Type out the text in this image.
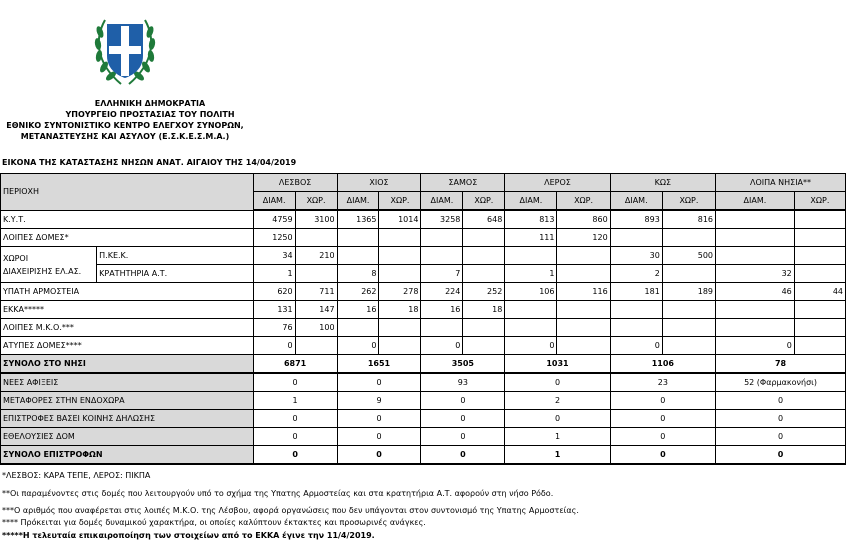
ΕΛΛΗΝΙΚΗ ΔΗΜΟΚΡΑΤΙΑ
ΥΠΟΥΡΓΕΙΟ ΠΡΟΣΤΑΣΙΑΣ ΤΟΥ ΠΟΛΙΤΗ
ΕΘΝΙΚΟ ΣΥΝΤΟΝΙΣΤΙΚΟ ΚΕΝΤΡΟ ΕΛΕΓΧΟΥ ΣΥΝΟΡΩΝ,
ΜΕΤΑΝΑΣΤΕΥΣΗΣ ΚΑΙ ΑΣΥΛΟΥ (Ε.Σ.Κ.Ε.Σ.Μ.Α.)
ΕΙΚΟΝΑ ΤΗΣ ΚΑΤΑΣΤΑΣΗΣ ΝΗΣΩΝ ΑΝΑΤ. ΑΙΓΑΙΟΥ ΤΗΣ 14/04/2019
ΠΕΡΙΟΧΗ		ΛΕΣΒΟΣ		ΧΙΟΣ		ΣΑΜΟΣ		ΛΕΡΟΣ		ΚΩΣ		ΛΟΙΠΑ ΝΗΣΙΑ**	
		ΔΙΑΜ.	ΧΩΡ.	ΔΙΑΜ.	ΧΩΡ.	ΔΙΑΜ.	ΧΩΡ.	ΔΙΑΜ.	ΧΩΡ.	ΔΙΑΜ.	ΧΩΡ.	ΔΙΑΜ.	ΧΩΡ.
Κ.Υ.Τ.		4759	3100	1365	1014	3258	648	813	860	893	816		
ΛΟΙΠΕΣ ΔΟΜΕΣ*		1250						111	120				
ΧΩΡΟΙ
ΔΙΑΧΕΙΡΙΣΗΣ ΕΛ.ΑΣ.	Π.ΚΕ.Κ.	34	210							30	500		
	ΚΡΑΤΗΤΗΡΙΑ Α.Τ.	1		8		7		1		2		32	
ΥΠΑΤΗ ΑΡΜΟΣΤΕΙΑ		620	711	262	278	224	252	106	116	181	189	46	44
ΕΚΚΑ*****		131	147	16	18	16	18						
ΛΟΙΠΕΣ Μ.Κ.Ο.***		76	100										
ΑΤΥΠΕΣ ΔΟΜΕΣ****		0		0		0		0		0		0	
ΣΥΝΟΛΟ ΣΤΟ ΝΗΣΙ		6871		1651		3505		1031		1106		78	
ΝΕΕΣ ΑΦΙΞΕΙΣ		0		0		93		0		23		52 (Φαρμακονήσι)	
ΜΕΤΑΦΟΡΕΣ ΣΤΗΝ ΕΝΔΟΧΩΡΑ		1		9		0		2		0		0	
ΕΠΙΣΤΡΟΦΕΣ ΒΑΣΕΙ ΚΟΙΝΗΣ ΔΗΛΩΣΗΣ		0		0		0		0		0		0	
ΕΘΕΛΟΥΣΙΕΣ ΔΟΜ		0		0		0		1		0		0	
ΣΥΝΟΛΟ ΕΠΙΣΤΡΟΦΩΝ		0		0		0		1		0		0	
*ΛΕΣΒΟΣ: ΚΑΡΑ ΤΕΠΕ, ΛΕΡΟΣ: ΠΙΚΠΑ
**Οι παραμένοντες στις δομές που λειτουργούν υπό το σχήμα της Υπατης Αρμοστείας και στα κρατητήρια Α.Τ. αφορούν στη νήσο Ρόδο.
***Ο αριθμός που αναφέρεται στις λοιπές Μ.Κ.Ο. της Λέσβου, αφορά οργανώσεις που δεν υπάγονται στον συντονισμό της Υπατης Αρμοστείας.
**** Πρόκειται για δομές δυναμικού χαρακτήρα, οι οποίες καλύπτουν έκτακτες και προσωρινές ανάγκες.
*****Η τελευταία επικαιροποίηση των στοιχείων από το ΕΚΚΑ έγινε την 11/4/2019.
